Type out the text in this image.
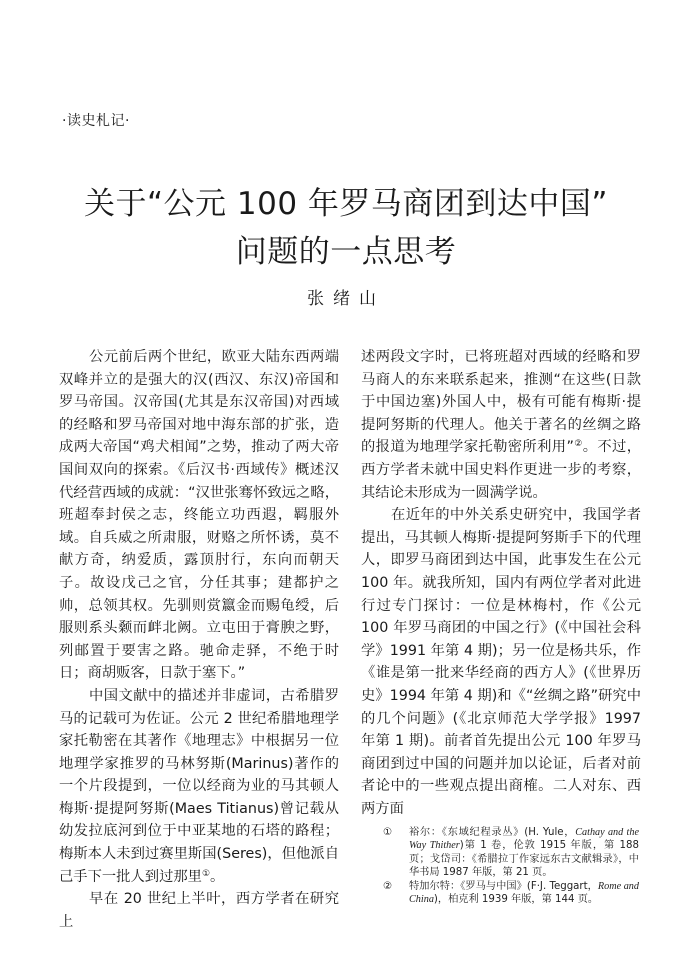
·读史札记·
关于“公元 100 年罗马商团到达中国”
问题的一点思考
张绪山

公元前后两个世纪，欧亚大陆东西两端双峰并立的是强大的汉(西汉、东汉)帝国和罗马帝国。汉帝国(尤其是东汉帝国)对西域的经略和罗马帝国对地中海东部的扩张，造成两大帝国“鸡犬相闻”之势，推动了两大帝国间双向的探索。《后汉书·西域传》概述汉代经营西域的成就：“汉世张骞怀致远之略，班超奉封侯之志，终能立功西遐，羁服外域。自兵威之所肃服，财赂之所怀诱，莫不献方奇，纳爱质，露顶肘行，东向而朝天子。故设戊己之官，分任其事；建都护之帅，总领其权。先驯则赏籝金而赐龟绶，后服则系头颡而衅北阙。立屯田于膏腴之野，列邮置于要害之路。驰命走驿，不绝于时日；商胡贩客，日款于塞下。”

中国文献中的描述并非虚词，古希腊罗马的记载可为佐证。公元 2 世纪希腊地理学家托勒密在其著作《地理志》中根据另一位地理学家推罗的马林努斯(Marinus)著作的一个片段提到，一位以经商为业的马其顿人梅斯·提提阿努斯(Maes Titianus)曾记载从幼发拉底河到位于中亚某地的石塔的路程；梅斯本人未到过赛里斯国(Seres)，但他派自己手下一批人到过那里①。

早在 20 世纪上半叶，西方学者在研究上

述两段文字时，已将班超对西域的经略和罗马商人的东来联系起来，推测“在这些(日款于中国边塞)外国人中，极有可能有梅斯·提提阿努斯的代理人。他关于著名的丝绸之路的报道为地理学家托勒密所利用”②。不过，西方学者未就中国史料作更进一步的考察，其结论未形成为一圆满学说。

在近年的中外关系史研究中，我国学者提出，马其顿人梅斯·提提阿努斯手下的代理人，即罗马商团到达中国，此事发生在公元 100 年。就我所知，国内有两位学者对此进行过专门探讨：一位是林梅村，作《公元 100 年罗马商团的中国之行》(《中国社会科学》1991 年第 4 期)；另一位是杨共乐，作《谁是第一批来华经商的西方人》(《世界历史》1994 年第 4 期)和《“丝绸之路”研究中的几个问题》(《北京师范大学学报》1997 年第 1 期)。前者首先提出公元 100 年罗马商团到过中国的问题并加以论证，后者对前者论中的一些观点提出商榷。二人对东、西两方面

① 裕尔：《东域纪程录丛》(H. Yule，Cathay and the Way Thither)第 1 卷，伦敦 1915 年版，第 188 页；戈岱司：《希腊拉丁作家远东古文献辑录》，中华书局 1987 年版，第 21 页。
② 特加尔特：《罗马与中国》(F·J. Teggart，Rome and China)，柏克利 1939 年版，第 144 页。
